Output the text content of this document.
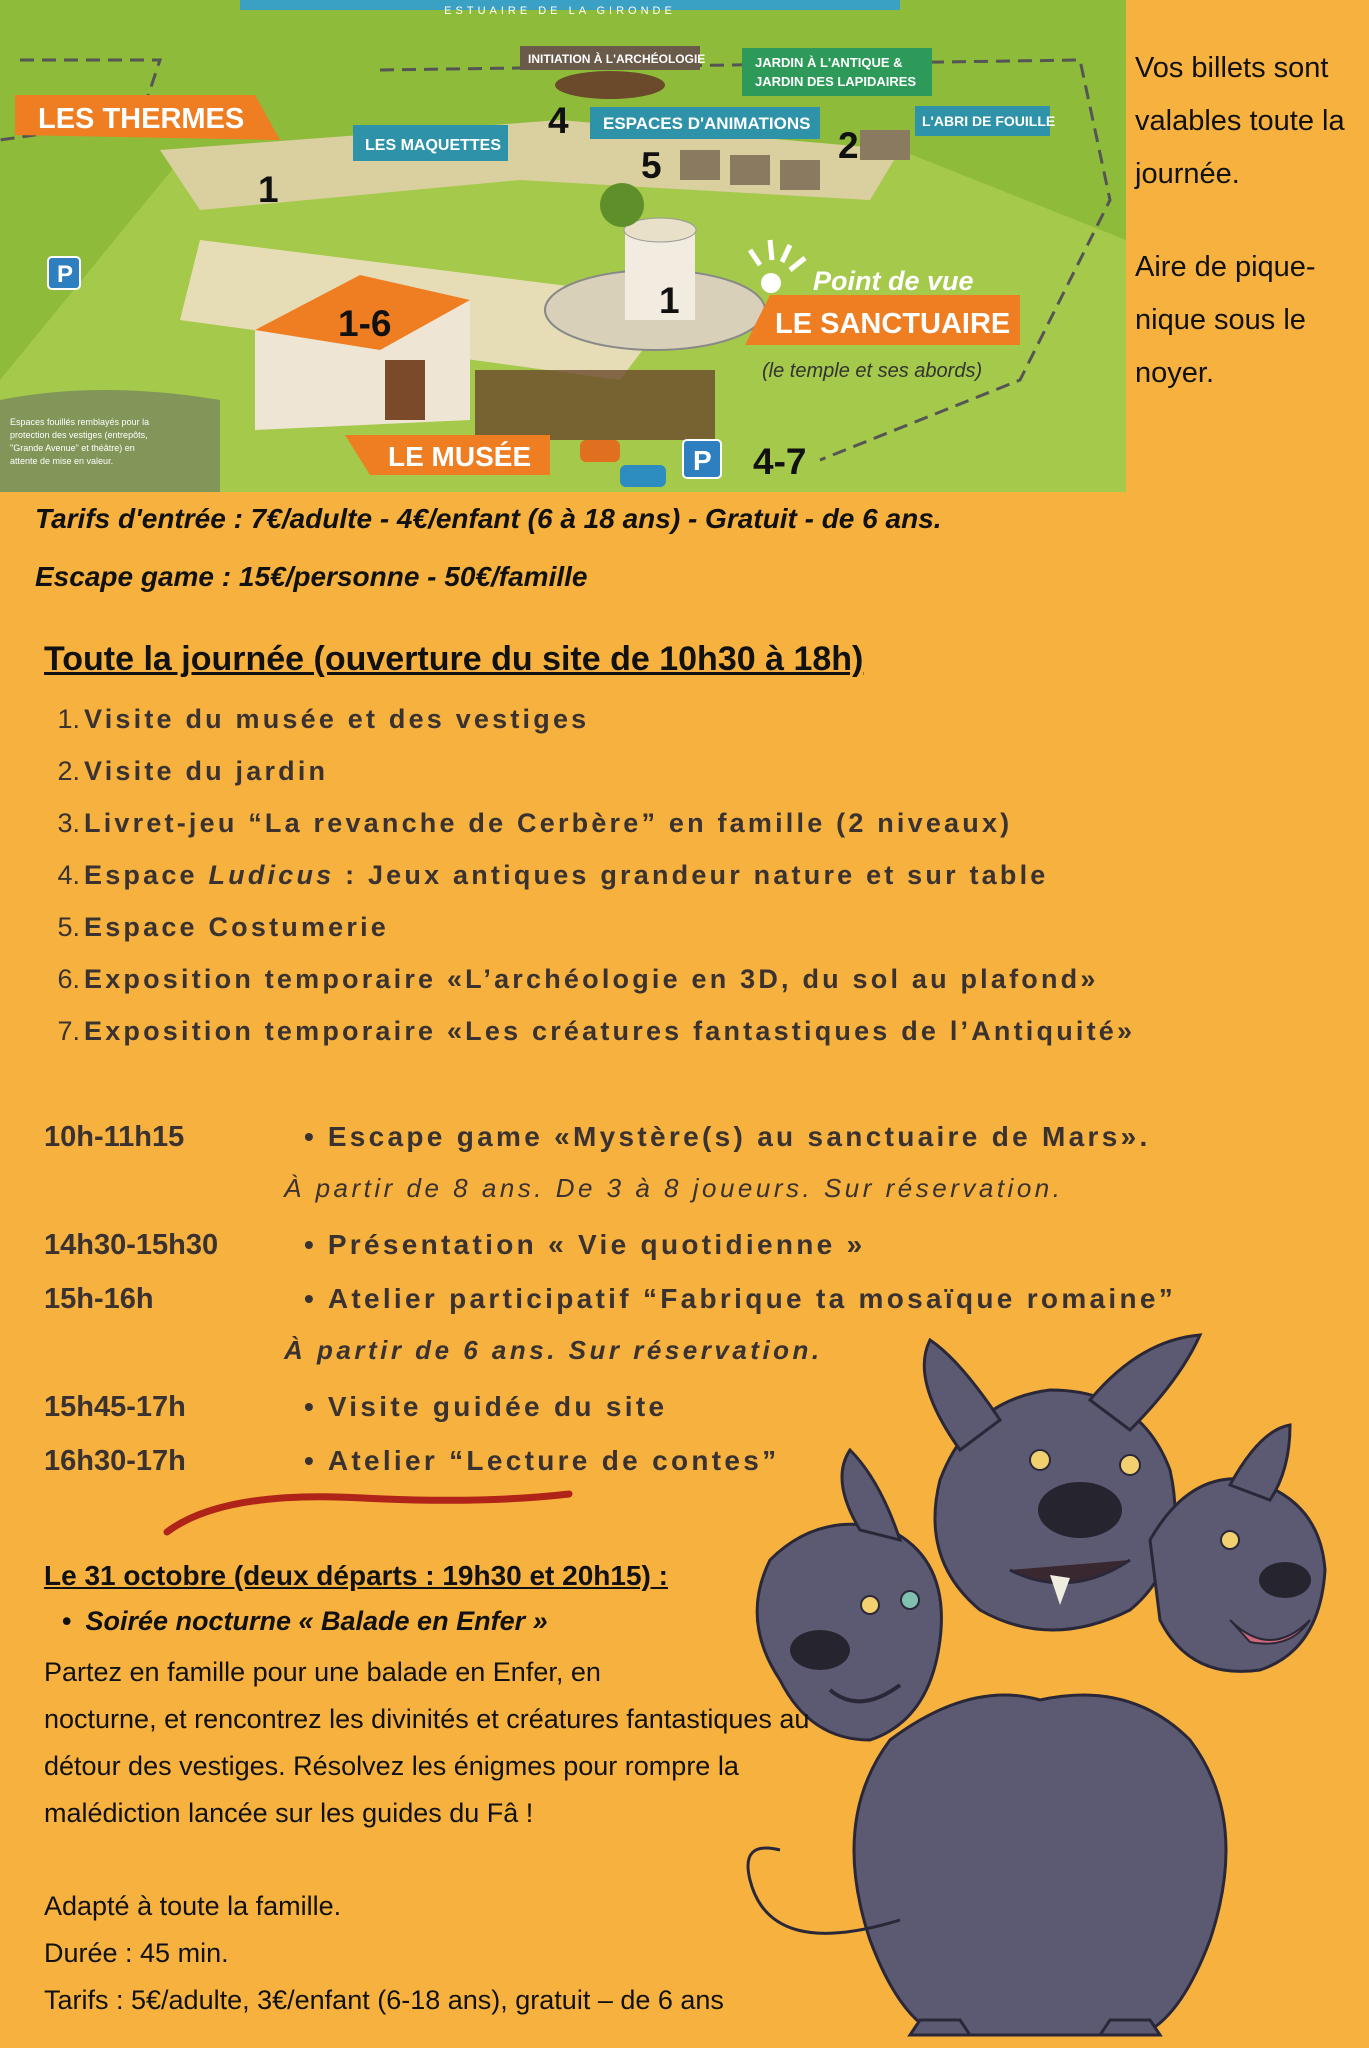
ESTUAIRE DE LA GIRONDE
LES THERMES
LE SANCTUAIRE
LE MUSÉE
LES MAQUETTES
ESPACES D'ANIMATIONS
JARDIN À L'ANTIQUE &
JARDIN DES LAPIDAIRES
L'ABRI DE FOUILLE
INITIATION À L'ARCHÉOLOGIE
Point de vue
(le temple et ses abords)
P
P
Espaces fouillés remblayés pour la protection des vestiges (entrepôts, "Grande Avenue" et théâtre) en attente de mise en valeur.
4
5	2
1
1
1-6
4-7

Vos billets sont valables toute la journée.

Aire de pique-nique sous le noyer.

Tarifs d'entrée : 7€/adulte - 4€/enfant (6 à 18 ans) - Gratuit - de 6 ans.
Escape game : 15€/personne - 50€/famille
Toute la journée (ouverture du site de 10h30 à 18h)
1. Visite du musée et des vestiges
2. Visite du jardin
3. Livret-jeu “La revanche de Cerbère” en famille (2 niveaux)
4. Espace Ludicus : Jeux antiques grandeur nature et sur table
5. Espace Costumerie
6. Exposition temporaire «L’archéologie en 3D, du sol au plafond»
7. Exposition temporaire «Les créatures fantastiques de l’Antiquité»
10h-11h15	• Escape game «Mystère(s) au sanctuaire de Mars».
À partir de 8 ans. De 3 à 8 joueurs. Sur réservation.
14h30-15h30	• Présentation « Vie quotidienne »
15h-16h	• Atelier participatif “Fabrique ta mosaïque romaine”
À partir de 6 ans. Sur réservation.
15h45-17h	• Visite guidée du site
16h30-17h	• Atelier “Lecture de contes”

Le 31 octobre (deux départs : 19h30 et 20h15) :

• Soirée nocturne « Balade en Enfer »

Partez en famille pour une balade en Enfer, en

nocturne, et rencontrez les divinités et créatures fantastiques au

détour des vestiges. Résolvez les énigmes pour rompre la

malédiction lancée sur les guides du Fâ !

Adapté à toute la famille.

Durée : 45 min.

Tarifs : 5€/adulte, 3€/enfant (6-18 ans), gratuit – de 6 ans
